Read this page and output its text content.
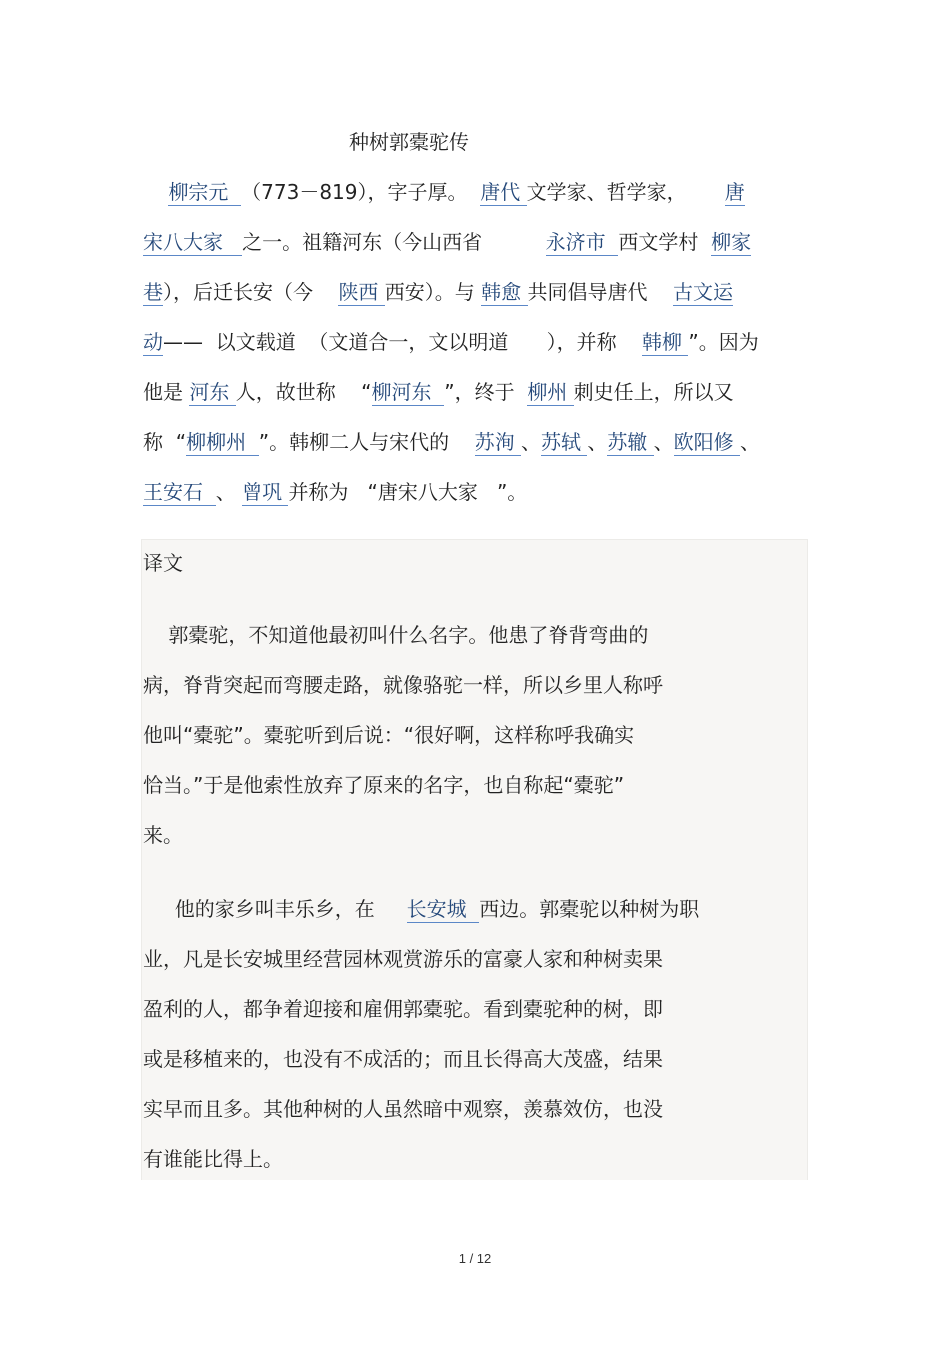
种树郭橐驼传
柳宗元  （773－819），字子厚。  唐代 文学家、哲学家，      唐
宋八大家   之一。祖籍河东（今山西省          永济市  西文学村  柳家
巷），后迁长安（今    陕西 西安）。与 韩愈 共同倡导唐代    古文运
动——  以文载道  （文道合一，文以明道      ），并称    韩柳 ”。因为
他是 河东 人，故世称    “柳河东  ”，终于  柳州 刺史任上，所以又
称  “柳柳州  ”。韩柳二人与宋代的    苏洵 、苏轼 、苏辙 、欧阳修 、
王安石  、 曾巩 并称为   “唐宋八大家   ”。
译文
郭橐驼，不知道他最初叫什么名字。他患了脊背弯曲的
病，脊背突起而弯腰走路，就像骆驼一样，所以乡里人称呼
他叫“橐驼”。橐驼听到后说：“很好啊，这样称呼我确实
恰当。”于是他索性放弃了原来的名字，也自称起“橐驼”
来。
他的家乡叫丰乐乡，在     长安城  西边。郭橐驼以种树为职
业，凡是长安城里经营园林观赏游乐的富豪人家和种树卖果
盈利的人，都争着迎接和雇佣郭橐驼。看到橐驼种的树，即
或是移植来的，也没有不成活的；而且长得高大茂盛，结果
实早而且多。其他种树的人虽然暗中观察，羡慕效仿，也没
有谁能比得上。
1 / 12
